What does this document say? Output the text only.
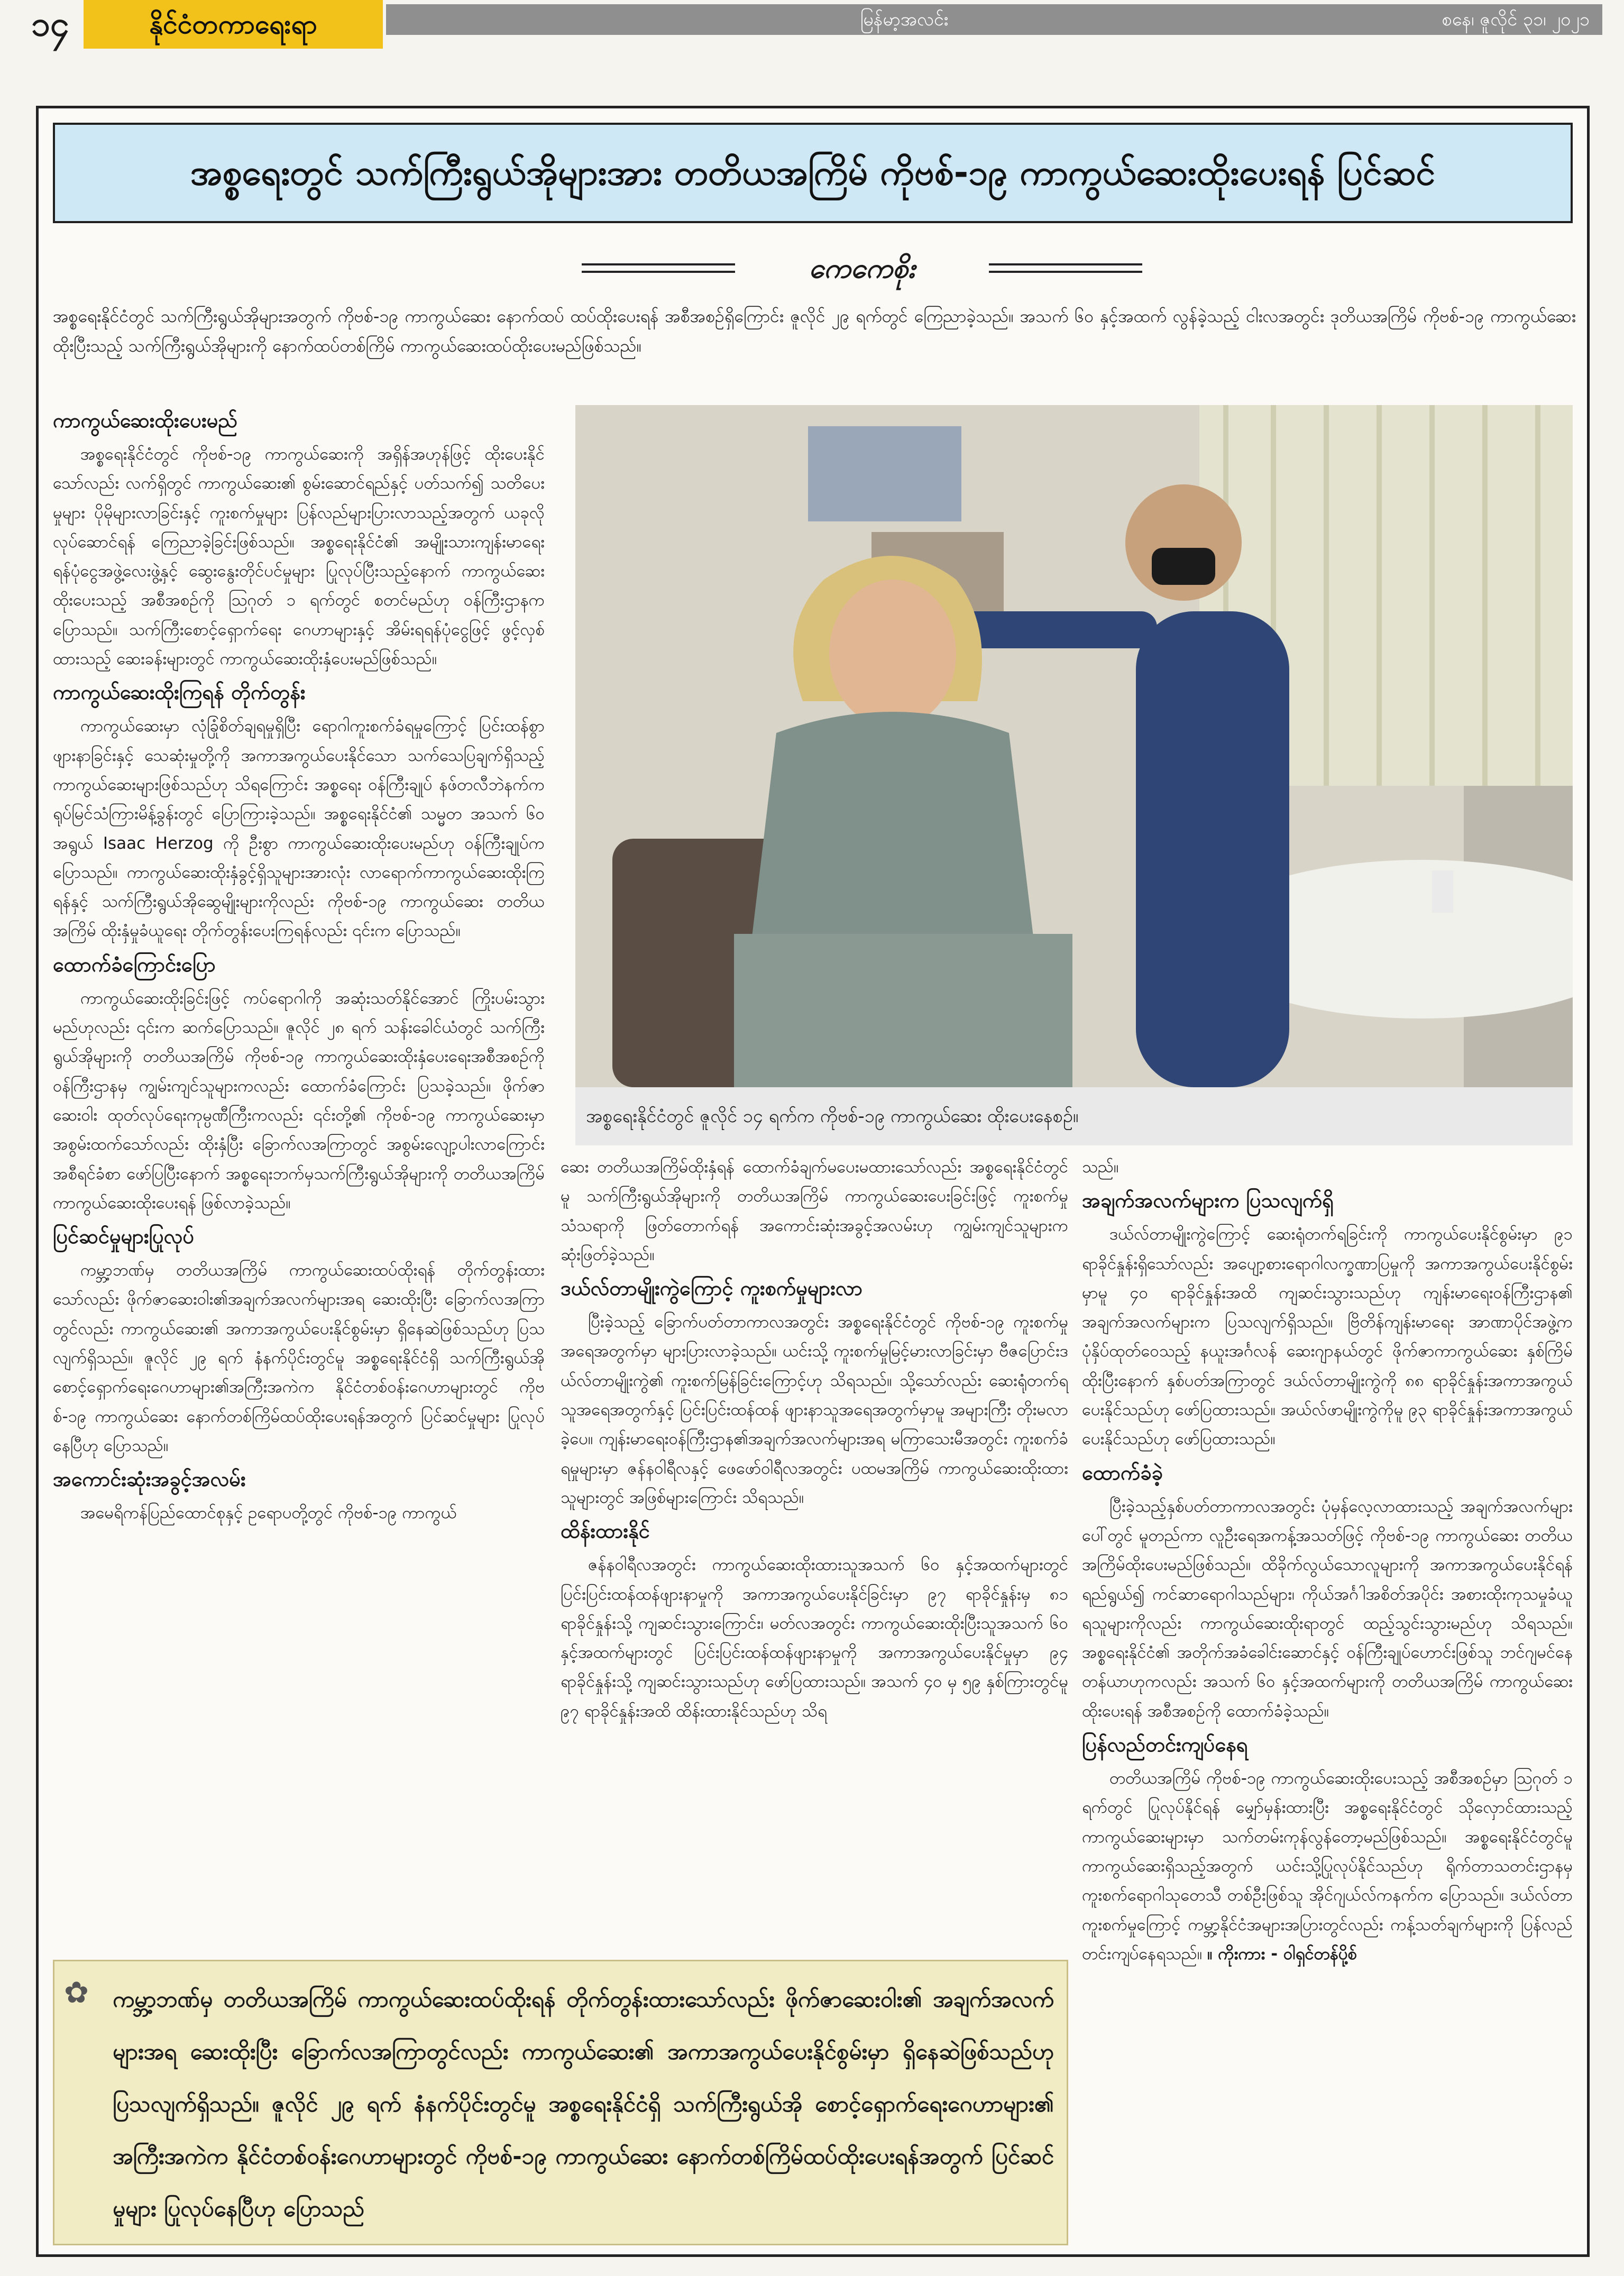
၁၄	နိုင်ငံတကာရေးရာ	မြန်မာ့အလင်း	စနေ၊ ဇူလိုင် ၃၁၊ ၂၀၂၁
အစ္စရေးတွင် သက်ကြီးရွယ်အိုများအား တတိယအကြိမ် ကိုဗစ်-၁၉ ကာကွယ်ဆေးထိုးပေးရန် ပြင်ဆင်
ကေကေစိုး
အစ္စရေးနိုင်ငံတွင် သက်ကြီးရွယ်အိုများအတွက် ကိုဗစ်-၁၉ ကာကွယ်ဆေး နောက်ထပ် ထပ်ထိုးပေးရန် အစီအစဉ်ရှိကြောင်း ဇူလိုင် ၂၉ ရက်တွင် ကြေညာခဲ့သည်။ အသက် ၆၀ နှင့်အထက် လွန်ခဲ့သည့် ငါးလအတွင်း ဒုတိယအကြိမ် ကိုဗစ်-၁၉ ကာကွယ်ဆေးထိုးပြီးသည့် သက်ကြီးရွယ်အိုများကို နောက်ထပ်တစ်ကြိမ် ကာကွယ်ဆေးထပ်ထိုးပေးမည်ဖြစ်သည်။
ကာကွယ်ဆေးထိုးပေးမည်

အစ္စရေးနိုင်ငံတွင် ကိုဗစ်-၁၉ ကာကွယ်ဆေးကို အရှိန်အဟုန်ဖြင့် ထိုးပေးနိုင်သော်လည်း လက်ရှိတွင် ကာကွယ်ဆေး၏ စွမ်းဆောင်ရည်နှင့် ပတ်သက်၍ သတိပေးမှုများ ပိုမိုများလာခြင်းနှင့် ကူးစက်မှုများ ပြန်လည်များပြားလာသည့်အတွက် ယခုလိုလုပ်ဆောင်ရန် ကြေညာခဲ့ခြင်းဖြစ်သည်။ အစ္စရေးနိုင်ငံ၏ အမျိုးသားကျန်းမာရေးရန်ပုံငွေအဖွဲ့လေးဖွဲ့နှင့် ဆွေးနွေးတိုင်ပင်မှုများ ပြုလုပ်ပြီးသည့်နောက် ကာကွယ်ဆေးထိုးပေးသည့် အစီအစဉ်ကို ဩဂုတ် ၁ ရက်တွင် စတင်မည်ဟု ဝန်ကြီးဌာနက ပြောသည်။ သက်ကြီးစောင့်ရှောက်ရေး ဂေဟာများနှင့် အိမ်းရရန်ပုံငွေဖြင့် ဖွင့်လှစ်ထားသည့် ဆေးခန်းများတွင် ကာကွယ်ဆေးထိုးနှံပေးမည်ဖြစ်သည်။

ကာကွယ်ဆေးထိုးကြရန် တိုက်တွန်း

ကာကွယ်ဆေးမှာ လုံခြုံစိတ်ချရမှုရှိပြီး ရောဂါကူးစက်ခံရမှုကြောင့် ပြင်းထန်စွာဖျားနာခြင်းနှင့် သေဆုံးမှုတို့ကို အကာအကွယ်ပေးနိုင်သော သက်သေပြချက်ရှိသည့် ကာကွယ်ဆေးများဖြစ်သည်ဟု သိရကြောင်း အစ္စရေး ဝန်ကြီးချုပ် နဖ်တလီဘဲနက်က ရုပ်မြင်သံကြားမိန့်ခွန်းတွင် ပြောကြားခဲ့သည်။ အစ္စရေးနိုင်ငံ၏ သမ္မတ အသက် ၆၀ အရွယ် Isaac Herzog ကို ဦးစွာ ကာကွယ်ဆေးထိုးပေးမည်ဟု ဝန်ကြီးချုပ်က ပြောသည်။ ကာကွယ်ဆေးထိုးနှံခွင့်ရှိသူများအားလုံး လာရောက်ကာကွယ်ဆေးထိုးကြရန်နှင့် သက်ကြီးရွယ်အိုဆွေမျိုးများကိုလည်း ကိုဗစ်-၁၉ ကာကွယ်ဆေး တတိယအကြိမ် ထိုးနှံမှုခံယူရေး တိုက်တွန်းပေးကြရန်လည်း ၎င်းက ပြောသည်။

ထောက်ခံကြောင်းပြော

ကာကွယ်ဆေးထိုးခြင်းဖြင့် ကပ်ရောဂါကို အဆုံးသတ်နိုင်အောင် ကြိုးပမ်းသွားမည်ဟုလည်း ၎င်းက ဆက်ပြောသည်။ ဇူလိုင် ၂၈ ရက် သန်းခေါင်ယံတွင် သက်ကြီးရွယ်အိုများကို တတိယအကြိမ် ကိုဗစ်-၁၉ ကာကွယ်ဆေးထိုးနှံပေးရေးအစီအစဉ်ကို ဝန်ကြီးဌာနမှ ကျွမ်းကျင်သူများကလည်း ထောက်ခံကြောင်း ပြသခဲ့သည်။ ဖိုက်ဇာဆေးဝါး ထုတ်လုပ်ရေးကုမ္ပဏီကြီးကလည်း ၎င်းတို့၏ ကိုဗစ်-၁၉ ကာကွယ်ဆေးမှာ အစွမ်းထက်သော်လည်း ထိုးနှံပြီး ခြောက်လအကြာတွင် အစွမ်းလျော့ပါးလာကြောင်း အစီရင်ခံစာ ဖော်ပြပြီးနောက် အစ္စရေးဘက်မှသက်ကြီးရွယ်အိုများကို တတိယအကြိမ်ကာကွယ်ဆေးထိုးပေးရန် ဖြစ်လာခဲ့သည်။

ပြင်ဆင်မှုများပြုလုပ်

ကမ္ဘာ့ဘဏ်မှ တတိယအကြိမ် ကာကွယ်ဆေးထပ်ထိုးရန် တိုက်တွန်းထားသော်လည်း ဖိုက်ဇာဆေးဝါး၏အချက်အလက်များအရ ဆေးထိုးပြီး ခြောက်လအကြာတွင်လည်း ကာကွယ်ဆေး၏ အကာအကွယ်ပေးနိုင်စွမ်းမှာ ရှိနေဆဲဖြစ်သည်ဟု ပြသလျက်ရှိသည်။ ဇူလိုင် ၂၉ ရက် နံနက်ပိုင်းတွင်မူ အစ္စရေးနိုင်ငံရှိ သက်ကြီးရွယ်အို စောင့်ရှောက်ရေးဂေဟာများ၏အကြီးအကဲက နိုင်ငံတစ်ဝန်းဂေဟာများတွင် ကိုဗစ်-၁၉ ကာကွယ်ဆေး နောက်တစ်ကြိမ်ထပ်ထိုးပေးရန်အတွက် ပြင်ဆင်မှုများ ပြုလုပ်နေပြီဟု ပြောသည်။

အကောင်းဆုံးအခွင့်အလမ်း

အမေရိကန်ပြည်ထောင်စုနှင့် ဥရောပတို့တွင် ကိုဗစ်-၁၉ ကာကွယ်

အစ္စရေးနိုင်ငံတွင် ဇူလိုင် ၁၄ ရက်က ကိုဗစ်-၁၉ ကာကွယ်ဆေး ထိုးပေးနေစဉ်။

ဆေး တတိယအကြိမ်ထိုးနှံရန် ထောက်ခံချက်မပေးမထားသော်လည်း အစ္စရေးနိုင်ငံတွင်မူ သက်ကြီးရွယ်အိုများကို တတိယအကြိမ် ကာကွယ်ဆေးပေးခြင်းဖြင့် ကူးစက်မှုသံသရာကို ဖြတ်တောက်ရန် အကောင်းဆုံးအခွင့်အလမ်းဟု ကျွမ်းကျင်သူများက ဆုံးဖြတ်ခဲ့သည်။

ဒယ်လ်တာမျိုးကွဲကြောင့် ကူးစက်မှုများလာ

ပြီးခဲ့သည့် ခြောက်ပတ်တာကာလအတွင်း အစ္စရေးနိုင်ငံတွင် ကိုဗစ်-၁၉ ကူးစက်မှုအရေအတွက်မှာ များပြားလာခဲ့သည်။ ယင်းသို့ ကူးစက်မှုမြင့်မားလာခြင်းမှာ ဗီဇပြောင်းဒယ်လ်တာမျိုးကွဲ၏ ကူးစက်မြန်ခြင်းကြောင့်ဟု သိရသည်။ သို့သော်လည်း ဆေးရုံတက်ရသူအရေအတွက်နှင့် ပြင်းပြင်းထန်ထန် ဖျားနာသူအရေအတွက်မှာမူ အများကြီး တိုးမလာခဲ့ပေ။ ကျန်းမာရေးဝန်ကြီးဌာန၏အချက်အလက်များအရ မကြာသေးမီအတွင်း ကူးစက်ခံရမှုများမှာ ဇန်နဝါရီလနှင့် ဖေဖော်ဝါရီလအတွင်း ပထမအကြိမ် ကာကွယ်ဆေးထိုးထားသူများတွင် အဖြစ်များကြောင်း သိရသည်။

ထိန်းထားနိုင်

ဇန်နဝါရီလအတွင်း ကာကွယ်ဆေးထိုးထားသူအသက် ၆၀ နှင့်အထက်များတွင် ပြင်းပြင်းထန်ထန်ဖျားနာမှုကို အကာအကွယ်ပေးနိုင်ခြင်းမှာ ၉၇ ရာခိုင်နှုန်းမှ ၈၁ ရာခိုင်နှုန်းသို့ ကျဆင်းသွားကြောင်း၊ မတ်လအတွင်း ကာကွယ်ဆေးထိုးပြီးသူအသက် ၆၀ နှင့်အထက်များတွင် ပြင်းပြင်းထန်ထန်ဖျားနာမှုကို အကာအကွယ်ပေးနိုင်မှုမှာ ၉၄ ရာခိုင်နှုန်းသို့ ကျဆင်းသွားသည်ဟု ဖော်ပြထားသည်။ အသက် ၄၀ မှ ၅၉ နှစ်ကြားတွင်မူ ၉၇ ရာခိုင်နှုန်းအထိ ထိန်းထားနိုင်သည်ဟု သိရ

သည်။

အချက်အလက်များက ပြသလျက်ရှိ

ဒယ်လ်တာမျိုးကွဲကြောင့် ဆေးရုံတက်ရခြင်းကို ကာကွယ်ပေးနိုင်စွမ်းမှာ ၉၁ ရာခိုင်နှုန်းရှိသော်လည်း အပျော့စားရောဂါလက္ခဏာပြမှုကို အကာအကွယ်ပေးနိုင်စွမ်းမှာမူ ၄၀ ရာခိုင်နှုန်းအထိ ကျဆင်းသွားသည်ဟု ကျန်းမာရေးဝန်ကြီးဌာန၏ အချက်အလက်များက ပြသလျက်ရှိသည်။ ဗြိတိန်ကျန်းမာရေး အာဏာပိုင်အဖွဲ့က ပုံနှိပ်ထုတ်ဝေသည့် နယူးအင်္ဂလန် ဆေးဂျာနယ်တွင် ဖိုက်ဇာကာကွယ်ဆေး နှစ်ကြိမ်ထိုးပြီးနောက် နှစ်ပတ်အကြာတွင် ဒယ်လ်တာမျိုးကွဲကို ၈၈ ရာခိုင်နှုန်းအကာအကွယ်ပေးနိုင်သည်ဟု ဖော်ပြထားသည်။ အယ်လ်ဖာမျိုးကွဲကိုမူ ၉၃ ရာခိုင်နှုန်းအကာအကွယ်ပေးနိုင်သည်ဟု ဖော်ပြထားသည်။

ထောက်ခံခဲ့

ပြီးခဲ့သည့်နှစ်ပတ်တာကာလအတွင်း ပုံမှန်လေ့လာထားသည့် အချက်အလက်များပေါ်တွင် မူတည်ကာ လူဦးရေအကန့်အသတ်ဖြင့် ကိုဗစ်-၁၉ ကာကွယ်ဆေး တတိယအကြိမ်ထိုးပေးမည်ဖြစ်သည်။ ထိခိုက်လွယ်သောလူများကို အကာအကွယ်ပေးနိုင်ရန် ရည်ရွယ်၍ ကင်ဆာရောဂါသည်များ၊ ကိုယ်အင်္ဂါအစိတ်အပိုင်း အစားထိုးကုသမှုခံယူရသူများကိုလည်း ကာကွယ်ဆေးထိုးရာတွင် ထည့်သွင်းသွားမည်ဟု သိရသည်။ အစ္စရေးနိုင်ငံ၏ အတိုက်အခံခေါင်းဆောင်နှင့် ဝန်ကြီးချုပ်ဟောင်းဖြစ်သူ ဘင်ဂျမင်နေတန်ယာဟုကလည်း အသက် ၆၀ နှင့်အထက်များကို တတိယအကြိမ် ကာကွယ်ဆေးထိုးပေးရန် အစီအစဉ်ကို ထောက်ခံခဲ့သည်။

ပြန်လည်တင်းကျပ်နေရ

တတိယအကြိမ် ကိုဗစ်-၁၉ ကာကွယ်ဆေးထိုးပေးသည့် အစီအစဉ်မှာ ဩဂုတ် ၁ ရက်တွင် ပြုလုပ်နိုင်ရန် မျှော်မှန်းထားပြီး အစ္စရေးနိုင်ငံတွင် သိုလှောင်ထားသည့် ကာကွယ်ဆေးများမှာ သက်တမ်းကုန်လွန်တော့မည်ဖြစ်သည်။ အစ္စရေးနိုင်ငံတွင်မူ ကာကွယ်ဆေးရှိသည့်အတွက် ယင်းသို့ပြုလုပ်နိုင်သည်ဟု ရိုက်တာသတင်းဌာနမှ ကူးစက်ရောဂါသုတေသီ တစ်ဦးဖြစ်သူ အိုင်ဂျယ်လ်ကနက်က ပြောသည်။ ဒယ်လ်တာကူးစက်မှုကြောင့် ကမ္ဘာ့နိုင်ငံအများအပြားတွင်လည်း ကန့်သတ်ချက်များကို ပြန်လည်တင်းကျပ်နေရသည်။ ။ ကိုးကား - ဝါရှင်တန်ပို့စ်

✿	ကမ္ဘာ့ဘဏ်မှ တတိယအကြိမ် ကာကွယ်ဆေးထပ်ထိုးရန် တိုက်တွန်းထားသော်လည်း ဖိုက်ဇာဆေးဝါး၏ အချက်အလက်များအရ ဆေးထိုးပြီး ခြောက်လအကြာတွင်လည်း ကာကွယ်ဆေး၏ အကာအကွယ်ပေးနိုင်စွမ်းမှာ ရှိနေဆဲဖြစ်သည်ဟု ပြသလျက်ရှိသည်။ ဇူလိုင် ၂၉ ရက် နံနက်ပိုင်းတွင်မူ အစ္စရေးနိုင်ငံရှိ သက်ကြီးရွယ်အို စောင့်ရှောက်ရေးဂေဟာများ၏ အကြီးအကဲက နိုင်ငံတစ်ဝန်းဂေဟာများတွင် ကိုဗစ်-၁၉ ကာကွယ်ဆေး နောက်တစ်ကြိမ်ထပ်ထိုးပေးရန်အတွက် ပြင်ဆင်မှုများ ပြုလုပ်နေပြီဟု ပြောသည်
